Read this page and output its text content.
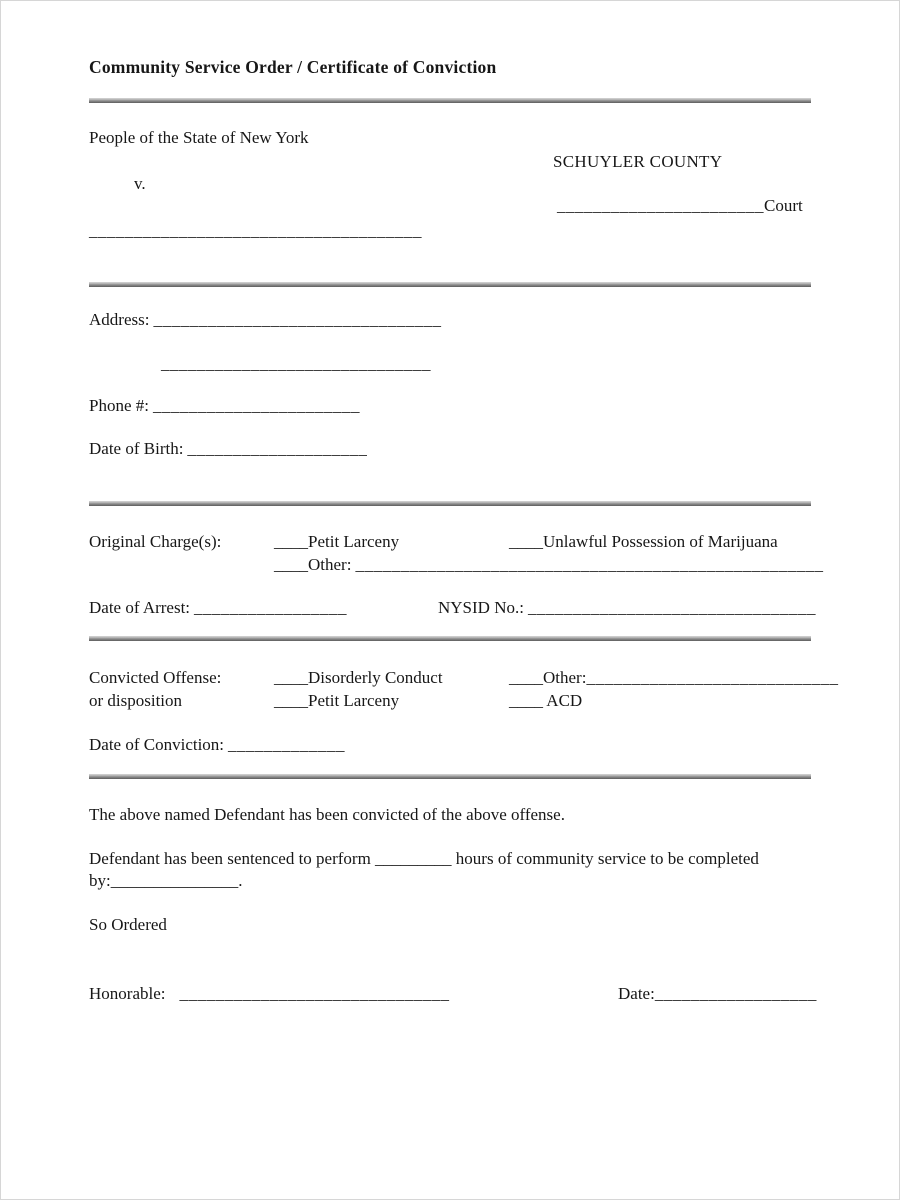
Community Service Order / Certificate of Conviction
People of the State of New York
SCHUYLER COUNTY
v.
_______________________Court
_____________________________________
Address: ________________________________
______________________________
Phone #: _______________________
Date of Birth: ____________________
Original Charge(s):	____Petit Larceny	____Unlawful Possession of Marijuana
____Other: ____________________________________________________
Date of Arrest: _________________	NYSID No.: ________________________________
Convicted Offense:	____Disorderly Conduct	____Other:____________________________
or disposition	____Petit Larceny	____ ACD
Date of Conviction: _____________
The above named Defendant has been convicted of the above offense.
Defendant has been sentenced to perform _________ hours of community service to be completed
by:_______________.
So Ordered
Honorable: ______________________________	Date:__________________
